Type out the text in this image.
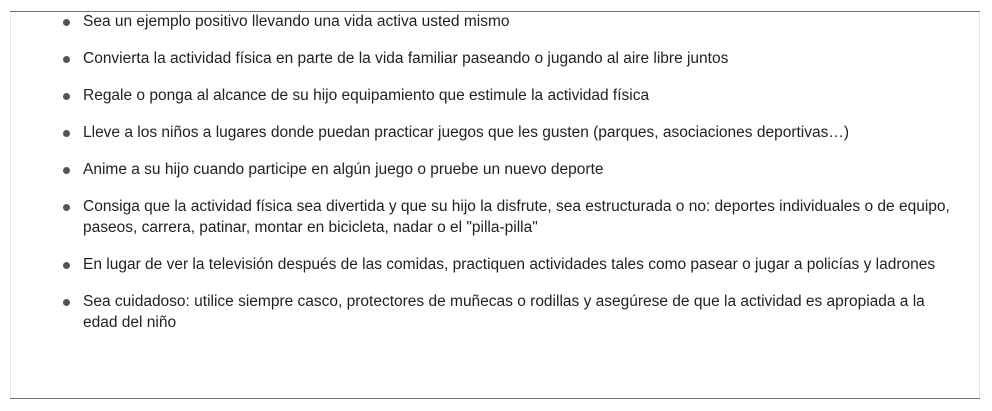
Sea un ejemplo positivo llevando una vida activa usted mismo
Convierta la actividad física en parte de la vida familiar paseando o jugando al aire libre juntos
Regale o ponga al alcance de su hijo equipamiento que estimule la actividad física
Lleve a los niños a lugares donde puedan practicar juegos que les gusten (parques, asociaciones deportivas…)
Anime a su hijo cuando participe en algún juego o pruebe un nuevo deporte
Consiga que la actividad física sea divertida y que su hijo la disfrute, sea estructurada o no: deportes individuales o de equipo, paseos, carrera, patinar, montar en bicicleta, nadar o el "pilla-pilla"
En lugar de ver la televisión después de las comidas, practiquen actividades tales como pasear o jugar a policías y ladrones
Sea cuidadoso: utilice siempre casco, protectores de muñecas o rodillas y asegúrese de que la actividad es apropiada a la edad del niño
